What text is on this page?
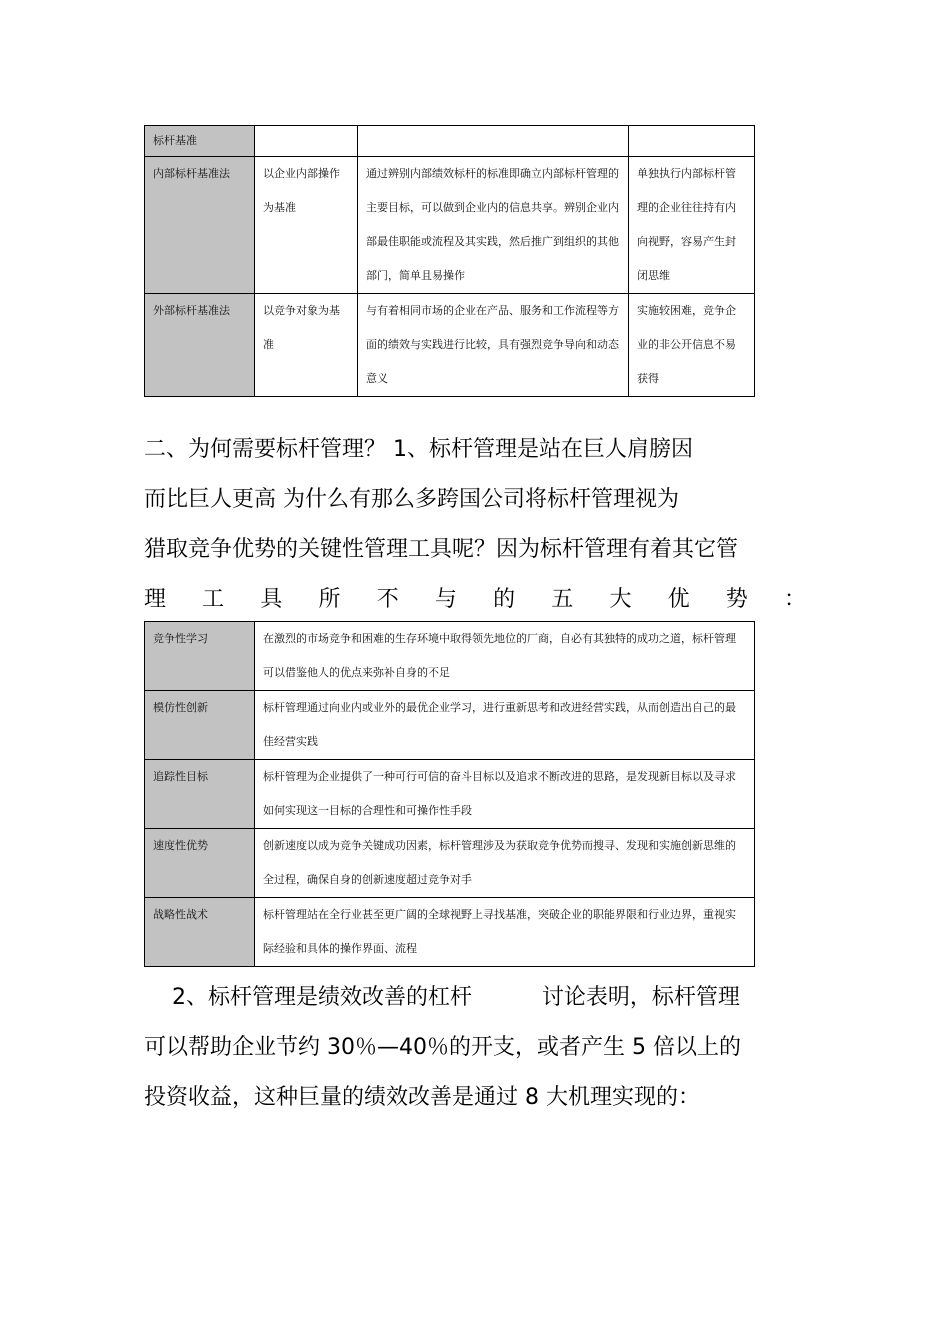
标杆基准			
内部标杆基准法	以企业内部操作为基准	通过辨别内部绩效标杆的标准即确立内部标杆管理的主要目标，可以做到企业内的信息共享。辨别企业内部最佳职能或流程及其实践，然后推广到组织的其他部门，简单且易操作	单独执行内部标杆管理的企业往往持有内向视野，容易产生封闭思维
外部标杆基准法	以竞争对象为基准	与有着相同市场的企业在产品、服务和工作流程等方面的绩效与实践进行比较，具有强烈竞争导向和动态意义	实施较困难，竞争企业的非公开信息不易获得
二、为何需要标杆管理？ 1、标杆管理是站在巨人肩膀因
而比巨人更高 为什么有那么多跨国公司将标杆管理视为
猎取竞争优势的关键性管理工具呢？因为标杆管理有着其它管
理工具所不与的五大优势：
竞争性学习	在激烈的市场竞争和困难的生存环境中取得领先地位的厂商，自必有其独特的成功之道，标杆管理可以借鉴他人的优点来弥补自身的不足
模仿性创新	标杆管理通过向业内或业外的最优企业学习，进行重新思考和改进经营实践，从而创造出自己的最佳经营实践
追踪性目标	标杆管理为企业提供了一种可行可信的奋斗目标以及追求不断改进的思路，是发现新目标以及寻求如何实现这一目标的合理性和可操作性手段
速度性优势	创新速度以成为竞争关键成功因素，标杆管理涉及为获取竞争优势而搜寻、发现和实施创新思维的全过程，确保自身的创新速度超过竞争对手
战略性战术	标杆管理站在全行业甚至更广阔的全球视野上寻找基准，突破企业的职能界限和行业边界，重视实际经验和具体的操作界面、流程
2、标杆管理是绩效改善的杠杆          讨论表明，标杆管理
可以帮助企业节约 30％—40％的开支，或者产生 5 倍以上的
投资收益，这种巨量的绩效改善是通过 8 大机理实现的：
